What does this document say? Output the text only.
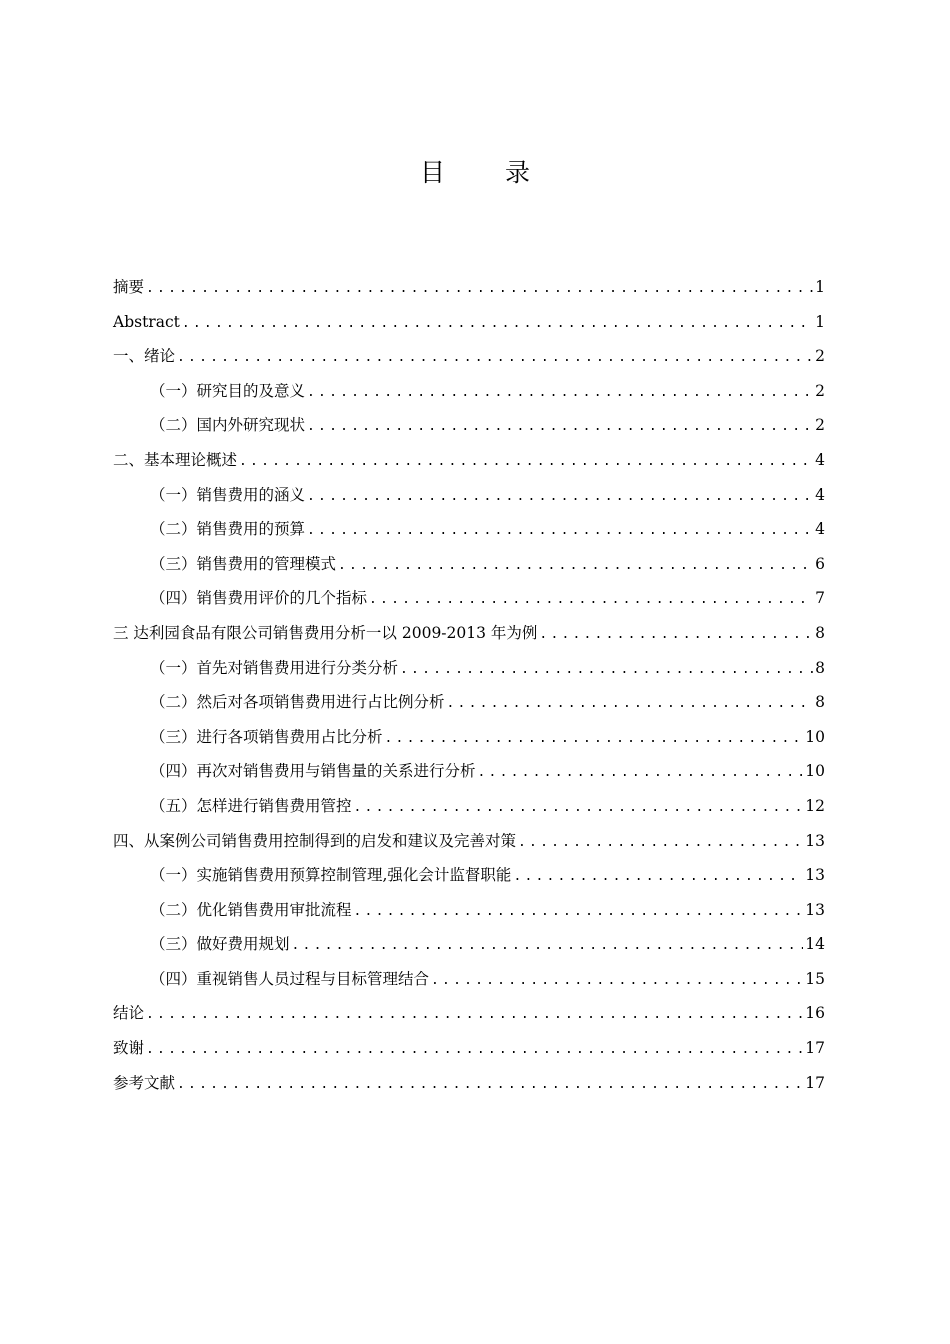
目 录
摘要 .....	1
Abstract .....	1
一、绪论 .....	2
（一）研究目的及意义 .....	2
（二）国内外研究现状 .....	2
二、基本理论概述 .....	4
（一）销售费用的涵义 .....	4
（二）销售费用的预算 .....	4
（三）销售费用的管理模式 .....	6
（四）销售费用评价的几个指标 .....	7
三 达利园食品有限公司销售费用分析一以 2009-2013 年为例 .....	8
（一）首先对销售费用进行分类分析 .....	8
（二）然后对各项销售费用进行占比例分析 .....	8
（三）进行各项销售费用占比分析 .....	10
（四）再次对销售费用与销售量的关系进行分析 .....	10
（五）怎样进行销售费用管控 .....	12
四、从案例公司销售费用控制得到的启发和建议及完善对策 .....	13
（一）实施销售费用预算控制管理,强化会计监督职能 .....	13
（二）优化销售费用审批流程 .....	13
（三）做好费用规划 .....	14
（四）重视销售人员过程与目标管理结合 .....	15
结论 .....	16
致谢 .....	17
参考文献 .....	17
